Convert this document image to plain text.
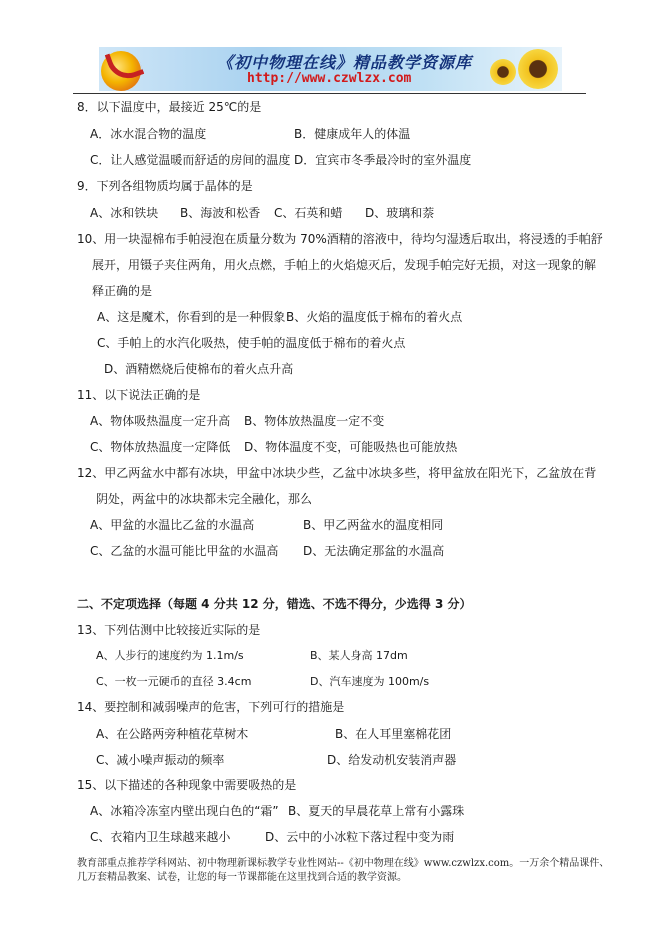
《初中物理在线》精品教学资源库
http://www.czwlzx.com
8．以下温度中，最接近 25℃的是
A．冰水混合物的温度	B．健康成年人的体温
C．让人感觉温暖而舒适的房间的温度 D．宜宾市冬季最冷时的室外温度
9．下列各组物质均属于晶体的是
A、冰和铁块 B、海波和松香 C、石英和蜡 D、玻璃和萘
10、用一块湿棉布手帕浸泡在质量分数为 70%酒精的溶液中，待均匀湿透后取出，将浸透的手帕舒
展开，用镊子夹住两角，用火点燃，手帕上的火焰熄灭后，发现手帕完好无损，对这一现象的解
释正确的是
A、这是魔术，你看到的是一种假象 B、火焰的温度低于棉布的着火点
C、手帕上的水汽化吸热，使手帕的温度低于棉布的着火点
D、酒精燃烧后使棉布的着火点升高
11、以下说法正确的是
A、物体吸热温度一定升高 B、物体放热温度一定不变
C、物体放热温度一定降低 D、物体温度不变，可能吸热也可能放热
12、甲乙两盆水中都有冰块，甲盆中冰块少些，乙盆中冰块多些，将甲盆放在阳光下，乙盆放在背
阴处，两盆中的冰块都未完全融化，那么
A、甲盆的水温比乙盆的水温高	B、甲乙两盆水的温度相同
C、乙盆的水温可能比甲盆的水温高 D、无法确定那盆的水温高
二、不定项选择（每题 4 分共 12 分，错选、不选不得分，少选得 3 分）
13、下列估测中比较接近实际的是
A、人步行的速度约为 1.1m/s	B、某人身高 17dm
C、一枚一元硬币的直径 3.4cm	D、汽车速度为 100m/s
14、要控制和减弱噪声的危害，下列可行的措施是
A、在公路两旁种植花草树木	B、在人耳里塞棉花团
C、减小噪声振动的频率	D、给发动机安装消声器
15、以下描述的各种现象中需要吸热的是
A、冰箱冷冻室内壁出现白色的“霜” B、夏天的早晨花草上常有小露珠
C、衣箱内卫生球越来越小	D、云中的小冰粒下落过程中变为雨
教育部重点推荐学科网站、初中物理新课标教学专业性网站--《初中物理在线》www.czwlzx.com。一万余个精品课件、
几万套精品教案、试卷，让您的每一节课都能在这里找到合适的教学资源。
